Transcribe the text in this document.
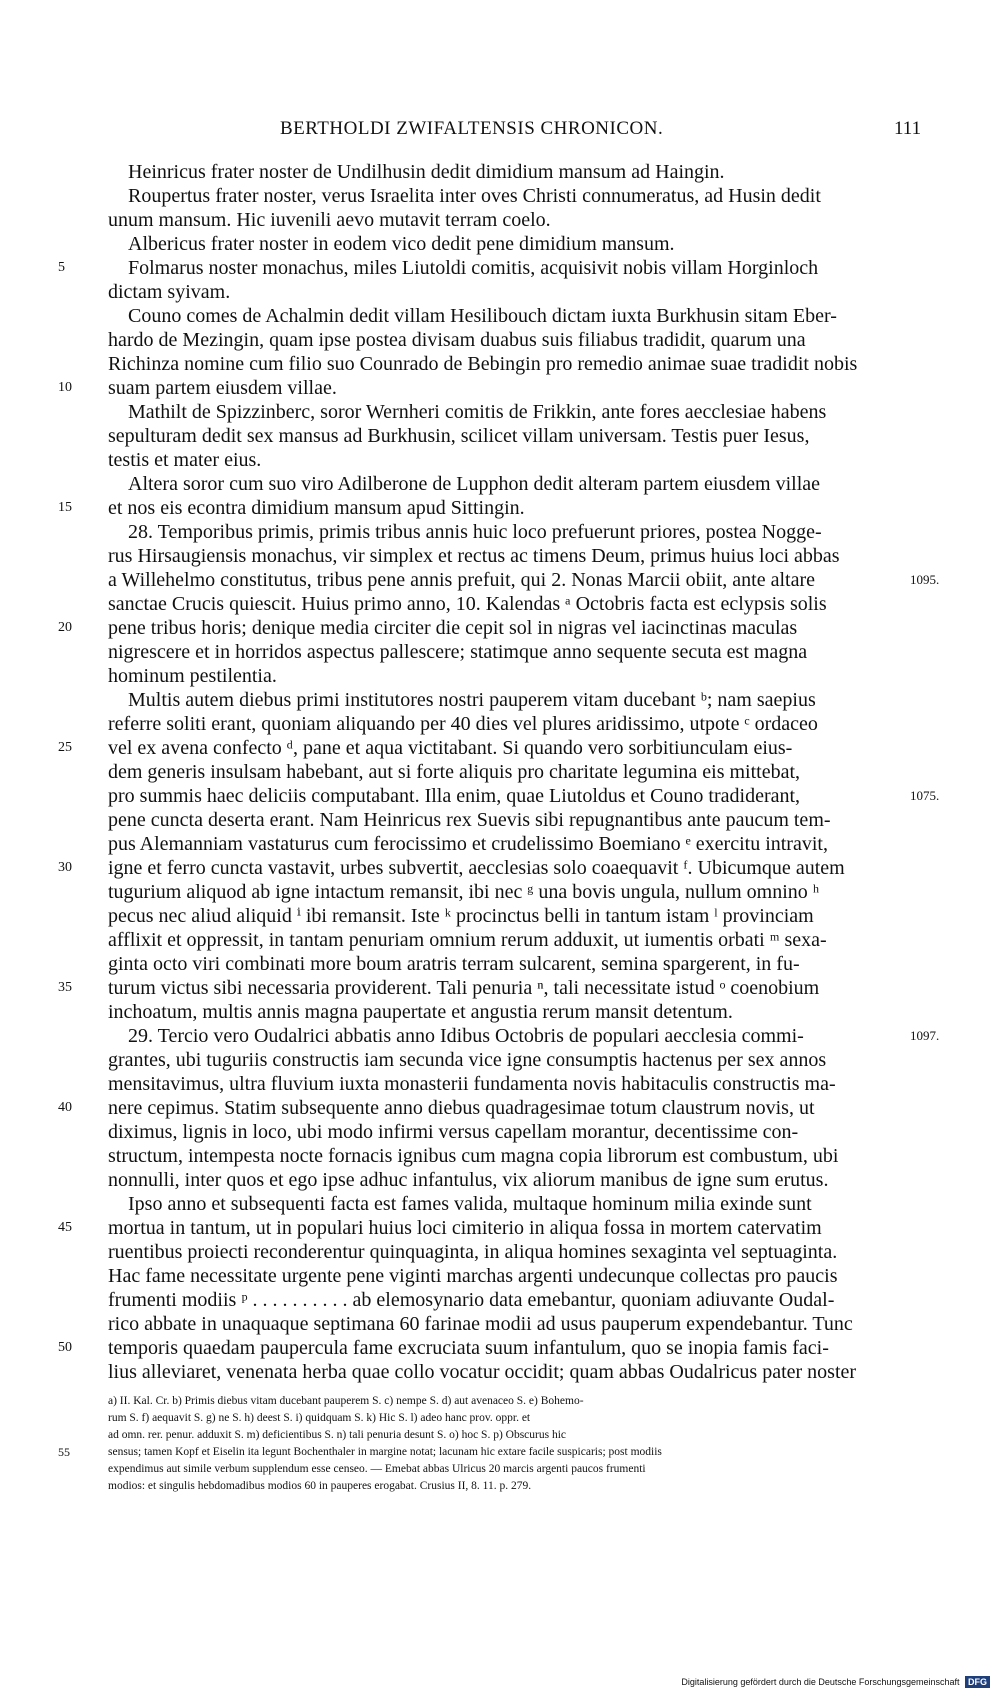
BERTHOLDI ZWIFALTENSIS CHRONICON.	111
Heinricus frater noster de Undilhusin dedit dimidium mansum ad Haingin.
Roupertus frater noster, verus Israelita inter oves Christi connumeratus, ad Husin dedit
unum mansum. Hic iuvenili aevo mutavit terram coelo.
Albericus frater noster in eodem vico dedit pene dimidium mansum.
Folmarus noster monachus, miles Liutoldi comitis, acquisivit nobis villam Horginloch
dictam syivam.
Couno comes de Achalmin dedit villam Hesilibouch dictam iuxta Burkhusin sitam Eber-
hardo de Mezingin, quam ipse postea divisam duabus suis filiabus tradidit, quarum una
Richinza nomine cum filio suo Counrado de Bebingin pro remedio animae suae tradidit nobis
suam partem eiusdem villae.
Mathilt de Spizzinberc, soror Wernheri comitis de Frikkin, ante fores aecclesiae habens
sepulturam dedit sex mansus ad Burkhusin, scilicet villam universam. Testis puer Iesus,
testis et mater eius.
Altera soror cum suo viro Adilberone de Lupphon dedit alteram partem eiusdem villae
et nos eis econtra dimidium mansum apud Sittingin.
28. Temporibus primis, primis tribus annis huic loco prefuerunt priores, postea Nogge-
rus Hirsaugiensis monachus, vir simplex et rectus ac timens Deum, primus huius loci abbas
a Willehelmo constitutus, tribus pene annis prefuit, qui 2. Nonas Marcii obiit, ante altare
sanctae Crucis quiescit. Huius primo anno, 10. Kalendas ᵃ Octobris facta est eclypsis solis
pene tribus horis; denique media circiter die cepit sol in nigras vel iacinctinas maculas
nigrescere et in horridos aspectus pallescere; statimque anno sequente secuta est magna
hominum pestilentia.
Multis autem diebus primi institutores nostri pauperem vitam ducebant ᵇ; nam saepius
referre soliti erant, quoniam aliquando per 40 dies vel plures aridissimo, utpote ᶜ ordaceo
vel ex avena confecto ᵈ, pane et aqua victitabant. Si quando vero sorbitiunculam eius-
dem generis insulsam habebant, aut si forte aliquis pro charitate legumina eis mittebat,
pro summis haec deliciis computabant. Illa enim, quae Liutoldus et Couno tradiderant,
pene cuncta deserta erant. Nam Heinricus rex Suevis sibi repugnantibus ante paucum tem-
pus Alemanniam vastaturus cum ferocissimo et crudelissimo Boemiano ᵉ exercitu intravit,
igne et ferro cuncta vastavit, urbes subvertit, aecclesias solo coaequavit ᶠ. Ubicumque autem
tugurium aliquod ab igne intactum remansit, ibi nec ᵍ una bovis ungula, nullum omnino ʰ
pecus nec aliud aliquid ⁱ ibi remansit. Iste ᵏ procinctus belli in tantum istam ˡ provinciam
afflixit et oppressit, in tantam penuriam omnium rerum adduxit, ut iumentis orbati ᵐ sexa-
ginta octo viri combinati more boum aratris terram sulcarent, semina spargerent, in fu-
turum victus sibi necessaria providerent. Tali penuria ⁿ, tali necessitate istud ᵒ coenobium
inchoatum, multis annis magna paupertate et angustia rerum mansit detentum.
29. Tercio vero Oudalrici abbatis anno Idibus Octobris de populari aecclesia commi-
grantes, ubi tuguriis constructis iam secunda vice igne consumptis hactenus per sex annos
mensitavimus, ultra fluvium iuxta monasterii fundamenta novis habitaculis constructis ma-
nere cepimus. Statim subsequente anno diebus quadragesimae totum claustrum novis, ut
diximus, lignis in loco, ubi modo infirmi versus capellam morantur, decentissime con-
structum, intempesta nocte fornacis ignibus cum magna copia librorum est combustum, ubi
nonnulli, inter quos et ego ipse adhuc infantulus, vix aliorum manibus de igne sum erutus.
Ipso anno et subsequenti facta est fames valida, multaque hominum milia exinde sunt
mortua in tantum, ut in populari huius loci cimiterio in aliqua fossa in mortem catervatim
ruentibus proiecti reconderentur quinquaginta, in aliqua homines sexaginta vel septuaginta.
Hac fame necessitate urgente pene viginti marchas argenti undecunque collectas pro paucis
frumenti modiis ᵖ . . . . . . . . . . ab elemosynario data emebantur, quoniam adiuvante Oudal-
rico abbate in unaquaque septimana 60 farinae modii ad usus pauperum expendebantur. Tunc
temporis quaedam paupercula fame excruciata suum infantulum, quo se inopia famis faci-
lius alleviaret, venenata herba quae collo vocatur occidit; quam abbas Oudalricus pater noster
5
10
15
20
25
30
35
40
45
50
1095.
1075.
1097.
a) II. Kal. Cr. b) Primis diebus vitam ducebant pauperem S. c) nempe S. d) aut avenaceo S. e) Bohemo-
rum S. f) aequavit S. g) ne S. h) deest S. i) quidquam S. k) Hic S. l) adeo hanc prov. oppr. et
ad omn. rer. penur. adduxit S. m) deficientibus S. n) tali penuria desunt S. o) hoc S. p) Obscurus hic
sensus; tamen Kopf et Eiselin ita legunt Bochenthaler in margine notat; lacunam hic extare facile suspicaris; post modiis
expendimus aut simile verbum supplendum esse censeo. — Emebat abbas Ulricus 20 marcis argenti paucos frumenti
modios: et singulis hebdomadibus modios 60 in pauperes erogabat. Crusius II, 8. 11. p. 279.
55
Digitalisierung gefördert durch die Deutsche Forschungsgemeinschaft DFG
